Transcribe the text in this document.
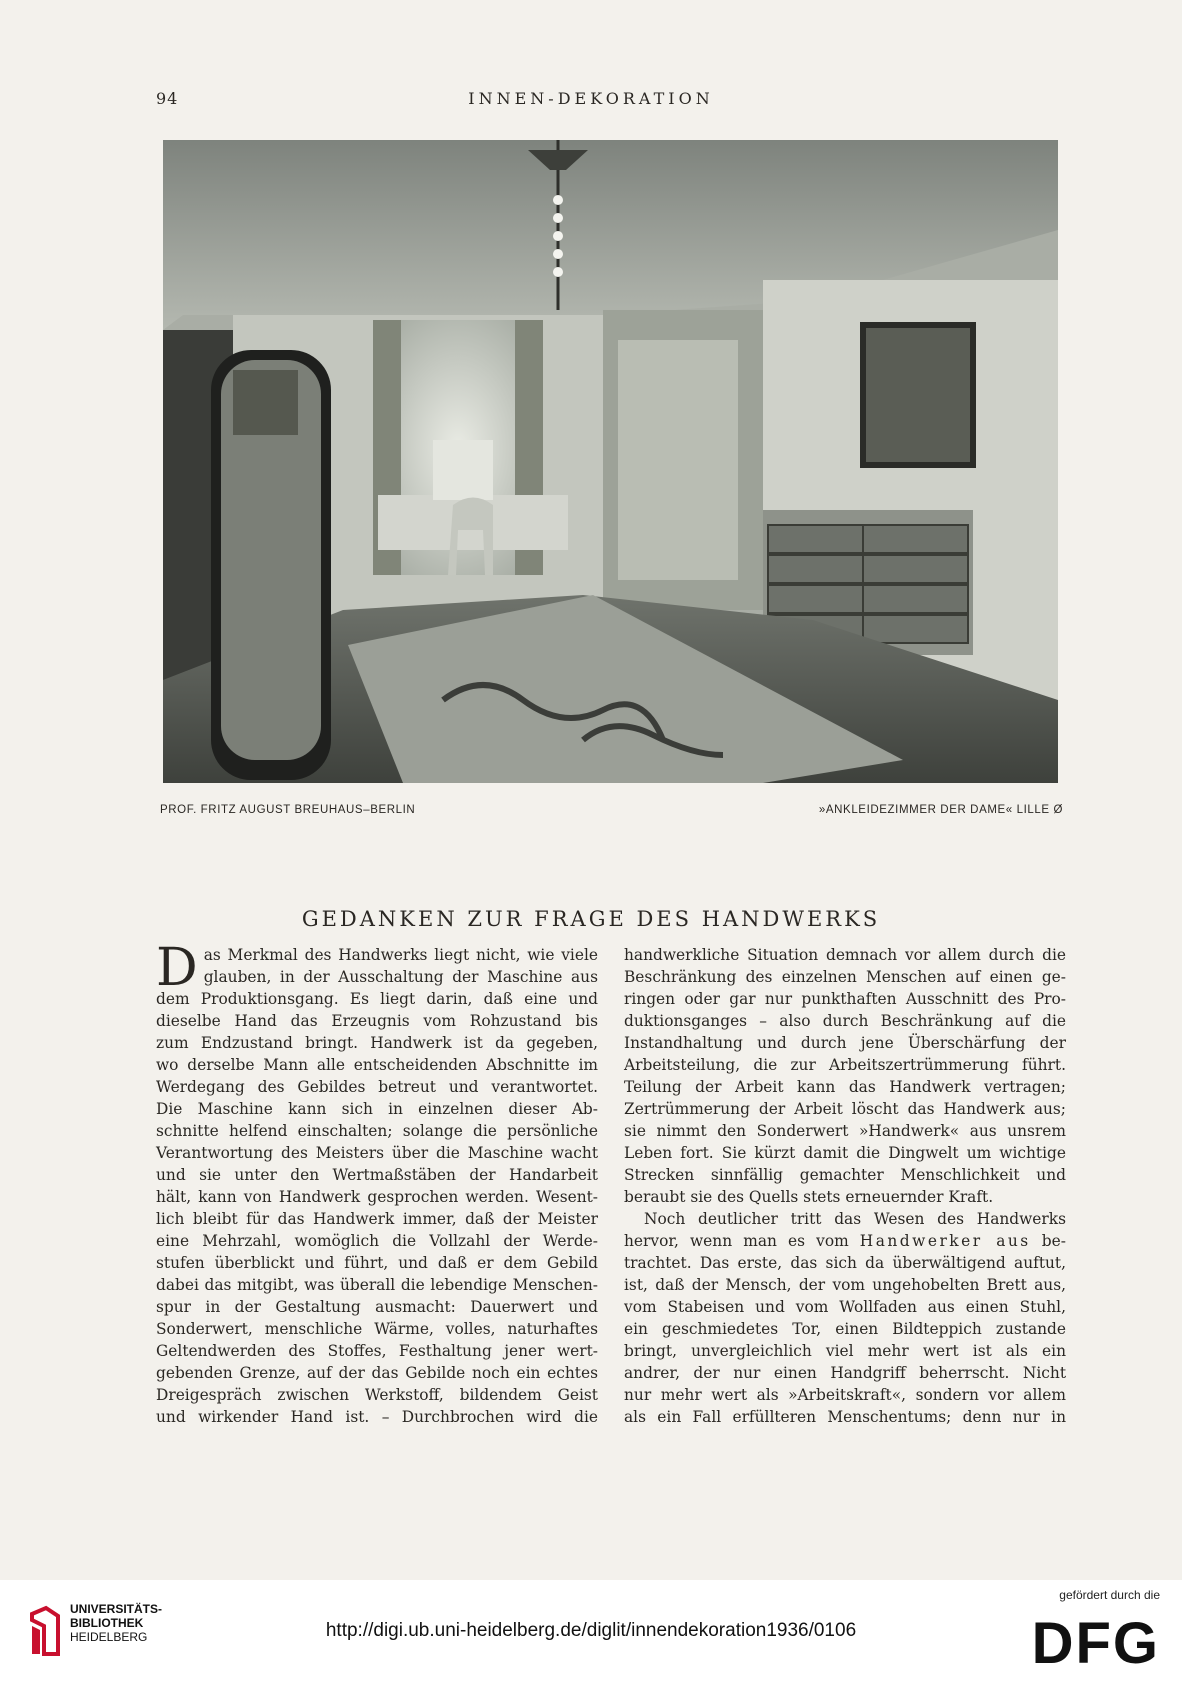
94	INNEN-DEKORATION
PROF. FRITZ AUGUST BREUHAUS–BERLIN	»ANKLEIDEZIMMER DER DAME« LILLE Ø
GEDANKEN ZUR FRAGE DES HANDWERKS

D as Merkmal des Handwerks liegt nicht, wie viele
glauben, in der Ausschaltung der Maschine aus
dem Produktionsgang. Es liegt darin, daß eine und
dieselbe Hand das Erzeugnis vom Rohzustand bis
zum Endzustand bringt. Handwerk ist da gegeben,
wo derselbe Mann alle entscheidenden Abschnitte im
Werdegang des Gebildes betreut und verantwortet.
Die Maschine kann sich in einzelnen dieser Ab-
schnitte helfend einschalten; solange die persönliche
Verantwortung des Meisters über die Maschine wacht
und sie unter den Wertmaßstäben der Handarbeit
hält, kann von Handwerk gesprochen werden. Wesent-
lich bleibt für das Handwerk immer, daß der Meister
eine Mehrzahl, womöglich die Vollzahl der Werde-
stufen überblickt und führt, und daß er dem Gebild
dabei das mitgibt, was überall die lebendige Menschen-
spur in der Gestaltung ausmacht: Dauerwert und
Sonderwert, menschliche Wärme, volles, naturhaftes
Geltendwerden des Stoffes, Festhaltung jener wert-
gebenden Grenze, auf der das Gebilde noch ein echtes
Dreigespräch zwischen Werkstoff, bildendem Geist
und wirkender Hand ist. – Durchbrochen wird die

handwerkliche Situation demnach vor allem durch die
Beschränkung des einzelnen Menschen auf einen ge-
ringen oder gar nur punkthaften Ausschnitt des Pro-
duktionsganges – also durch Beschränkung auf die
Instandhaltung und durch jene Überschärfung der
Arbeitsteilung, die zur Arbeitszertrümmerung führt.
Teilung der Arbeit kann das Handwerk vertragen;
Zertrümmerung der Arbeit löscht das Handwerk aus;
sie nimmt den Sonderwert »Handwerk« aus unsrem
Leben fort. Sie kürzt damit die Dingwelt um wichtige
Strecken sinnfällig gemachter Menschlichkeit und
beraubt sie des Quells stets erneuernder Kraft.
Noch deutlicher tritt das Wesen des Handwerks
hervor, wenn man es vom Handwerker aus be-
trachtet. Das erste, das sich da überwältigend auftut,
ist, daß der Mensch, der vom ungehobelten Brett aus,
vom Stabeisen und vom Wollfaden aus einen Stuhl,
ein geschmiedetes Tor, einen Bildteppich zustande
bringt, unvergleichlich viel mehr wert ist als ein
andrer, der nur einen Handgriff beherrscht. Nicht
nur mehr wert als »Arbeitskraft«, sondern vor allem
als ein Fall erfüllteren Menschentums; denn nur in
UNIVERSITÄTS-
BIBLIOTHEK
HEIDELBERG	http://digi.ub.uni-heidelberg.de/diglit/innendekoration1936/0106
gefördert durch die
DFG
